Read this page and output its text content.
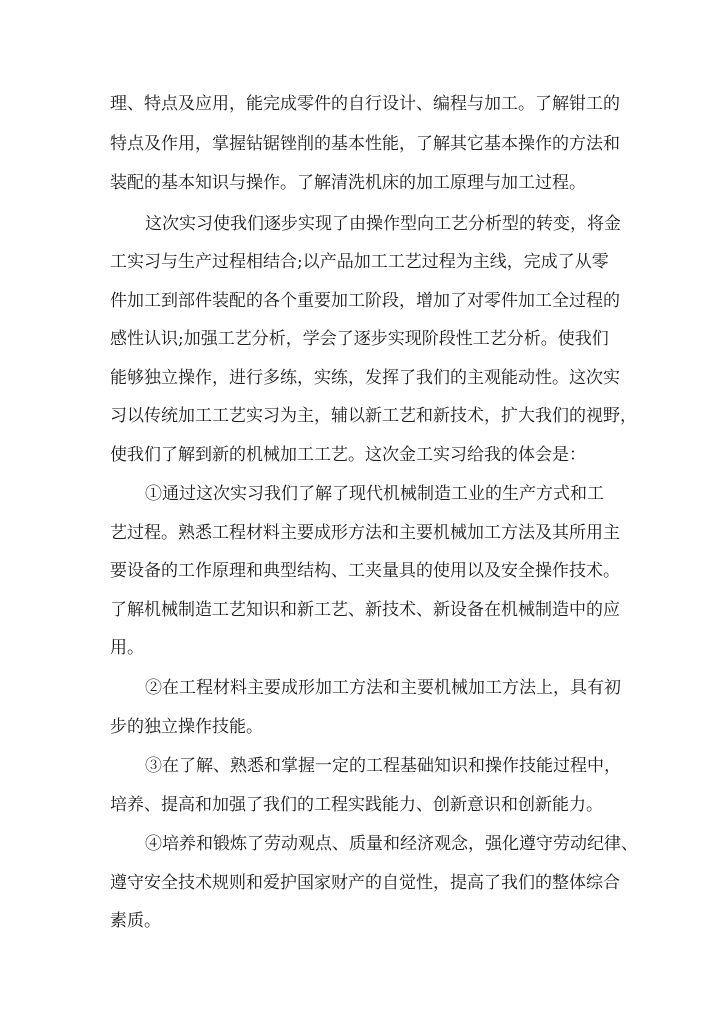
理、特点及应用，能完成零件的自行设计、编程与加工。了解钳工的

特点及作用，掌握钻锯锉削的基本性能，了解其它基本操作的方法和

装配的基本知识与操作。了解清洗机床的加工原理与加工过程。

这次实习使我们逐步实现了由操作型向工艺分析型的转变，将金

工实习与生产过程相结合;以产品加工工艺过程为主线，完成了从零

件加工到部件装配的各个重要加工阶段，增加了对零件加工全过程的

感性认识;加强工艺分析，学会了逐步实现阶段性工艺分析。使我们

能够独立操作，进行多练，实练，发挥了我们的主观能动性。这次实

习以传统加工工艺实习为主，辅以新工艺和新技术，扩大我们的视野，

使我们了解到新的机械加工工艺。这次金工实习给我的体会是：

①通过这次实习我们了解了现代机械制造工业的生产方式和工

艺过程。熟悉工程材料主要成形方法和主要机械加工方法及其所用主

要设备的工作原理和典型结构、工夹量具的使用以及安全操作技术。

了解机械制造工艺知识和新工艺、新技术、新设备在机械制造中的应

用。

②在工程材料主要成形加工方法和主要机械加工方法上，具有初

步的独立操作技能。

③在了解、熟悉和掌握一定的工程基础知识和操作技能过程中，

培养、提高和加强了我们的工程实践能力、创新意识和创新能力。

④培养和锻炼了劳动观点、质量和经济观念，强化遵守劳动纪律、

遵守安全技术规则和爱护国家财产的自觉性，提高了我们的整体综合

素质。
